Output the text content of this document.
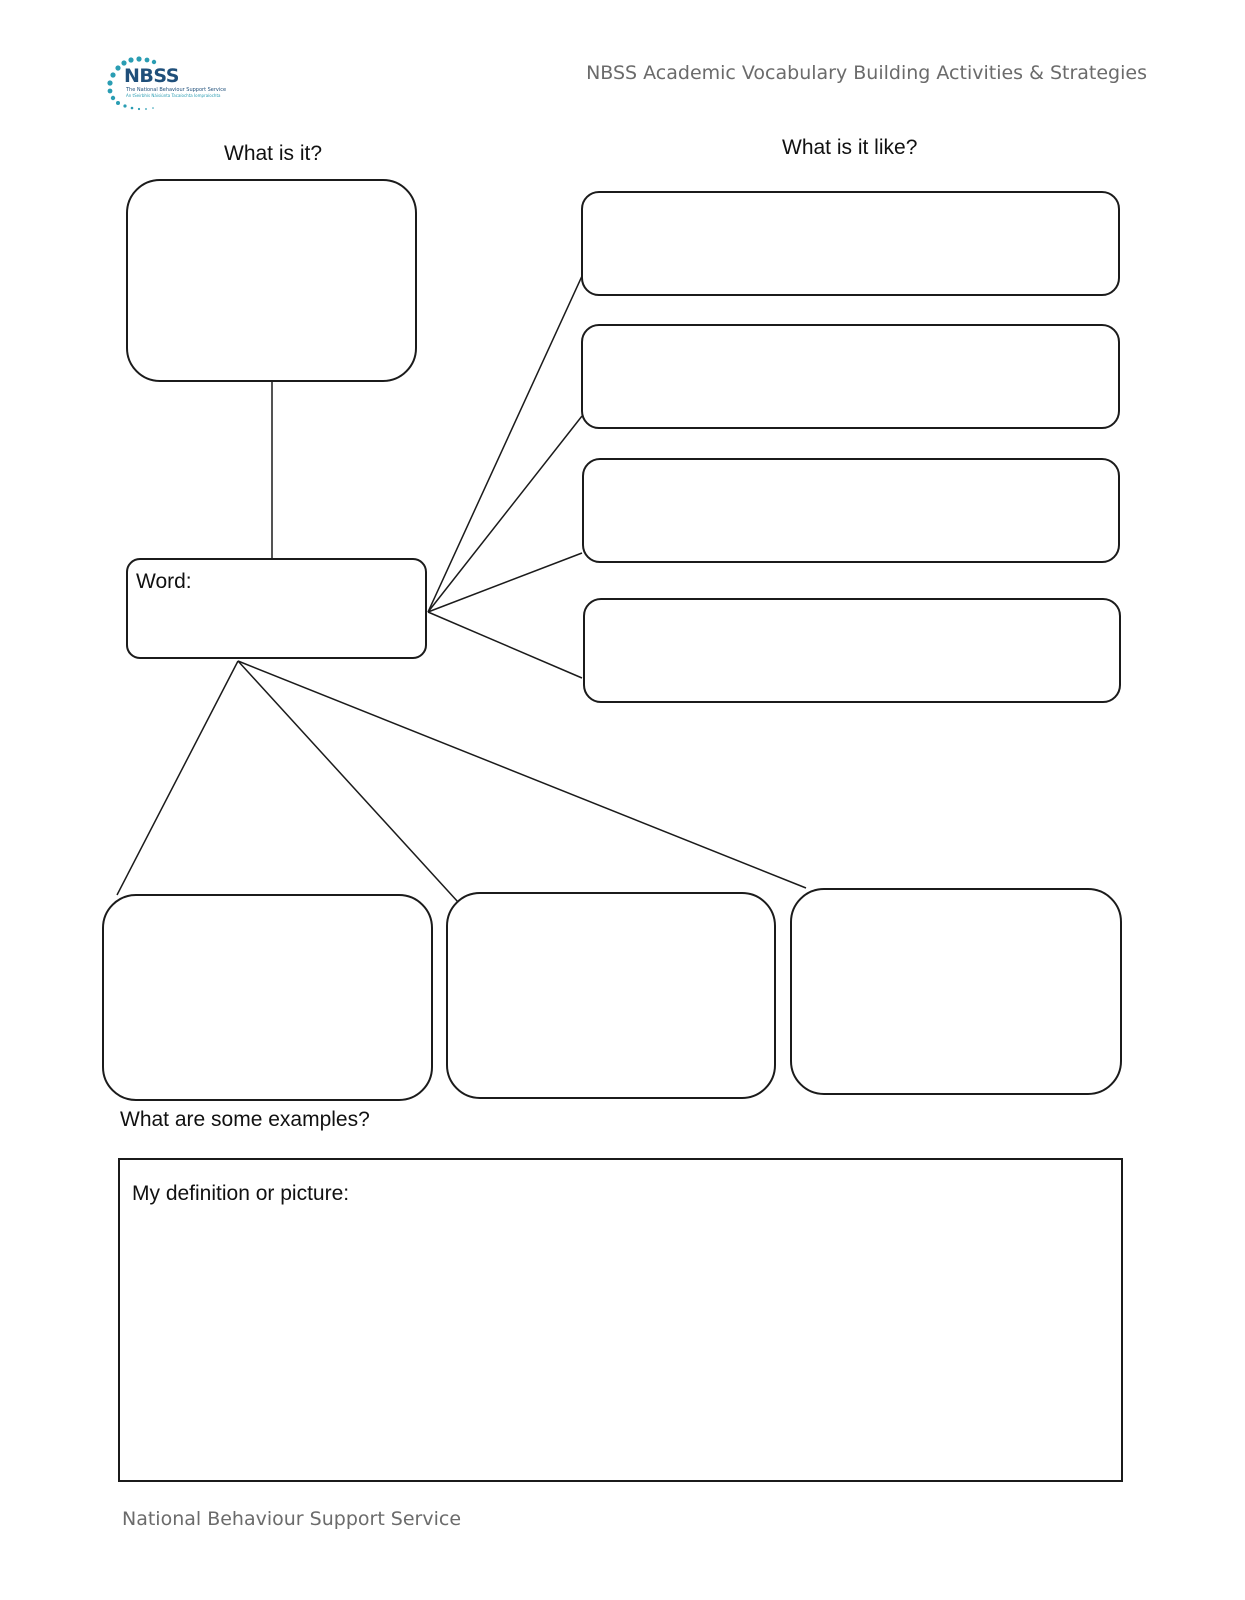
NBSS
The National Behaviour Support Service
An tSeirbhís Náisiúnta Tacaíochta Iompraíochta
NBSS Academic Vocabulary Building Activities & Strategies
What is it?	What is it like?
Word:
What are some examples?
My definition or picture:
National Behaviour Support Service
